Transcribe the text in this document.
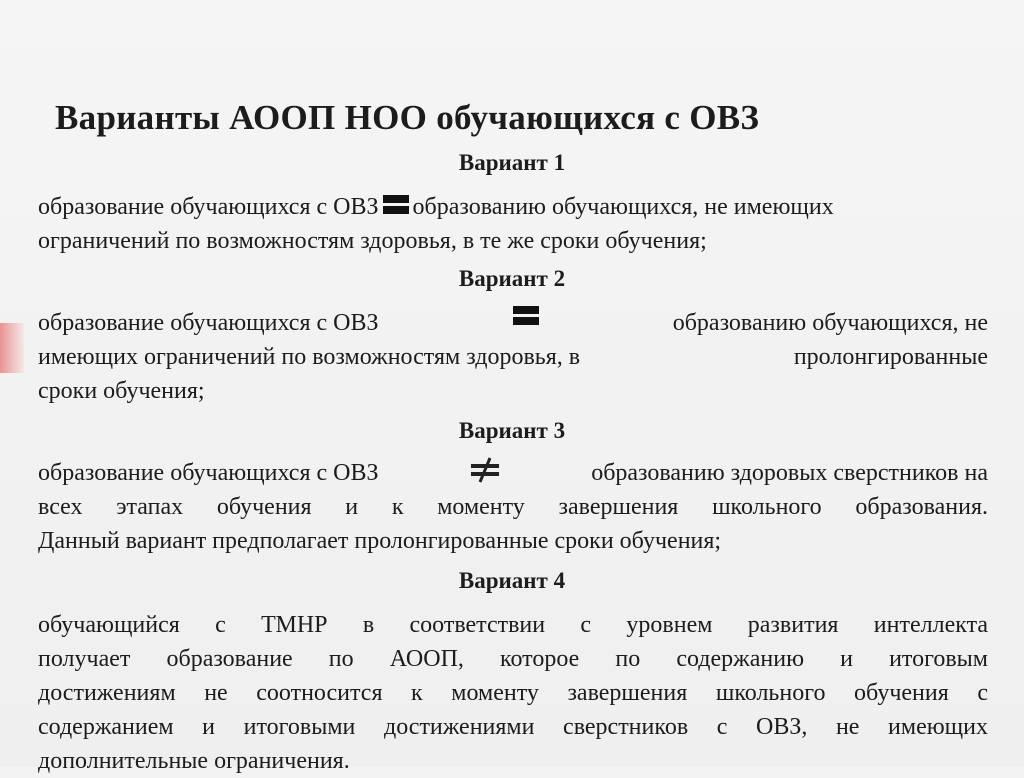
Варианты АООП НОО обучающихся с ОВЗ
Вариант 1
образование обучающихся с ОВЗ образованию обучающихся, не имеющих
ограничений по возможностям здоровья, в те же сроки обучения;
Вариант 2
образование обучающихся с ОВЗ	образованию обучающихся, не
имеющих ограничений по возможностям здоровья, в	пролонгированные
сроки обучения;
Вариант 3
образование обучающихся с ОВЗ	образованию здоровых сверстников на
всех этапах обучения и к моменту завершения школьного образования.
Данный вариант предполагает пролонгированные сроки обучения;
Вариант 4
обучающийся с ТМНР в соответствии с уровнем развития интеллекта
получает образование по АООП, которое по содержанию и итоговым
достижениям не соотносится к моменту завершения школьного обучения с
содержанием и итоговыми достижениями сверстников с ОВЗ, не имеющих
дополнительные ограничения.
